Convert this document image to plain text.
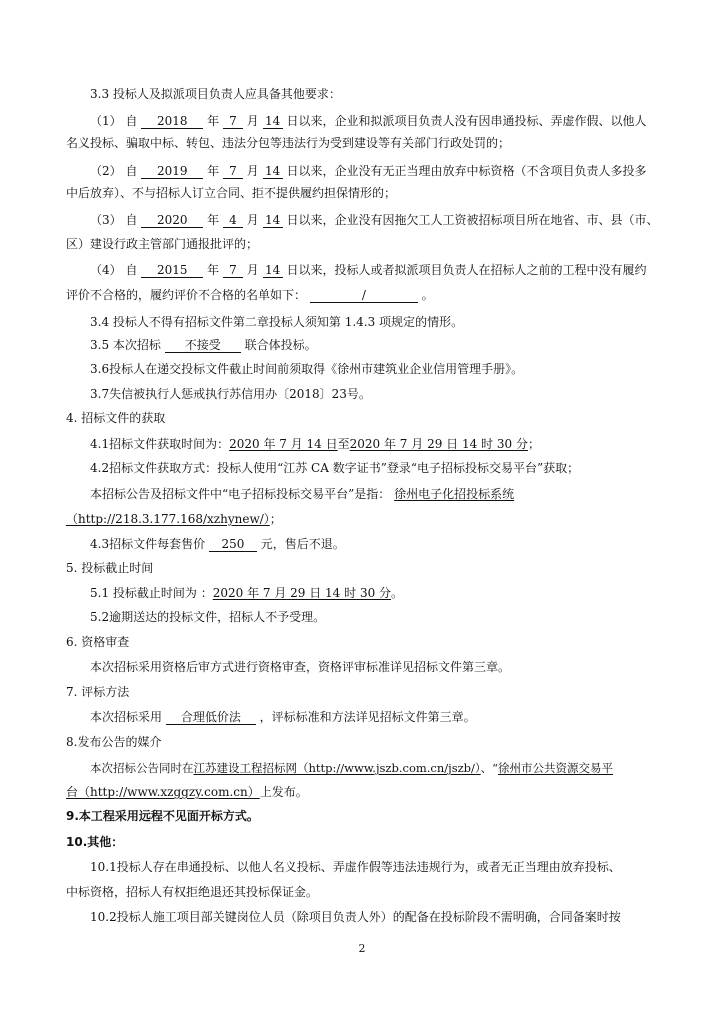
3.3 投标人及拟派项目负责人应具备其他要求：
（1） 自 2018 年 7 月 14 日以来，企业和拟派项目负责人没有因串通投标、弄虚作假、以他人
名义投标、骗取中标、转包、违法分包等违法行为受到建设等有关部门行政处罚的；
（2） 自 2019 年 7 月 14 日以来，企业没有无正当理由放弃中标资格（不含项目负责人多投多
中后放弃）、不与招标人订立合同、拒不提供履约担保情形的；
（3） 自 2020 年 4 月 14 日以来，企业没有因拖欠工人工资被招标项目所在地省、市、县（市、
区）建设行政主管部门通报批评的；
（4） 自 2015 年 7 月 14 日以来，投标人或者拟派项目负责人在招标人之前的工程中没有履约
评价不合格的，履约评价不合格的名单如下：	/	。
3.4 投标人不得有招标文件第二章投标人须知第 1.4.3 项规定的情形。
3.5 本次招标 不接受 联合体投标。
3.6投标人在递交投标文件截止时间前须取得《徐州市建筑业企业信用管理手册》。
3.7失信被执行人惩戒执行苏信用办〔2018〕23号。
4. 招标文件的获取
4.1招标文件获取时间为：2020 年 7 月 14 日至2020 年 7 月 29 日 14 时 30 分；
4.2招标文件获取方式：投标人使用“江苏 CA 数字证书”登录“电子招标投标交易平台”获取；
本招标公告及招标文件中“电子招标投标交易平台”是指： 徐州电子化招投标系统
（http://218.3.177.168/xzhynew/）；
4.3招标文件每套售价 250 元，售后不退。
5. 投标截止时间
5.1 投标截止时间为 ：2020 年 7 月 29 日 14 时 30 分。
5.2逾期送达的投标文件，招标人不予受理。
6. 资格审查
本次招标采用资格后审方式进行资格审查，资格评审标准详见招标文件第三章。
7. 评标方法
本次招标采用 合理低价法 ，评标标准和方法详见招标文件第三章。
8.发布公告的媒介
本次招标公告同时在江苏建设工程招标网（http://www.jszb.com.cn/jszb/）、“徐州市公共资源交易平
台（http://www.xzggzy.com.cn）上发布。
9.本工程采用远程不见面开标方式。
10.其他：
10.1投标人存在串通投标、以他人名义投标、弄虚作假等违法违规行为，或者无正当理由放弃投标、
中标资格，招标人有权拒绝退还其投标保证金。
10.2投标人施工项目部关键岗位人员（除项目负责人外）的配备在投标阶段不需明确，合同备案时按
2
